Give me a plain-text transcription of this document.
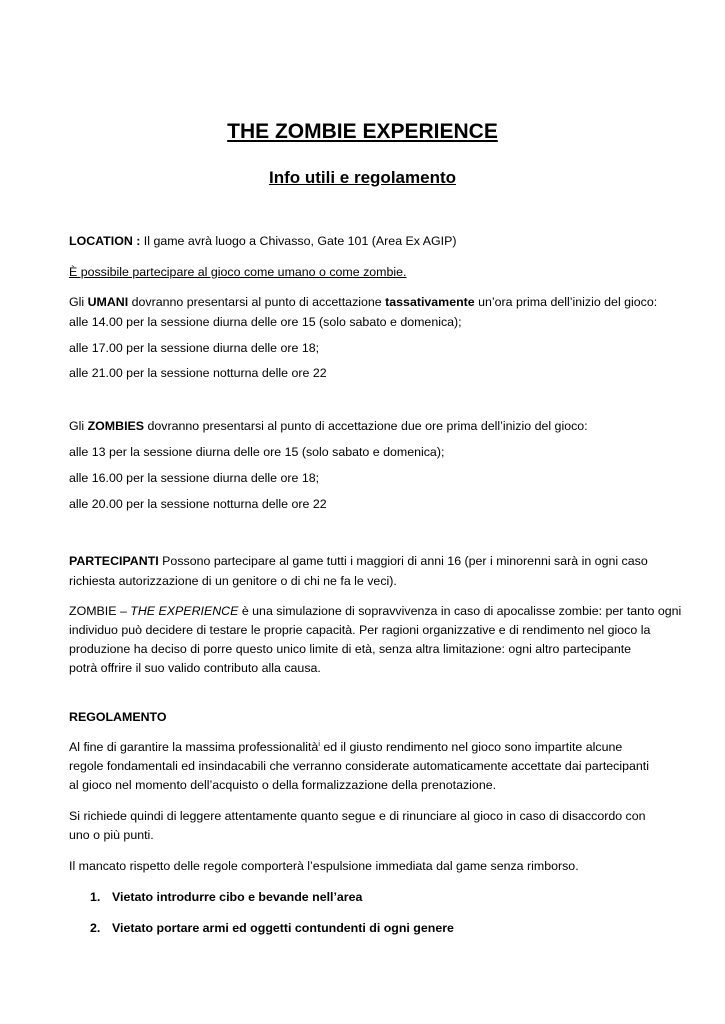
THE ZOMBIE EXPERIENCE
Info utili e regolamento

LOCATION : Il game avrà luogo a Chivasso, Gate 101 (Area Ex AGIP)

È possibile partecipare al gioco come umano o come zombie.

Gli UMANI dovranno presentarsi al punto di accettazione tassativamente un’ora prima dell’inizio del gioco:

alle 14.00 per la sessione diurna delle ore 15 (solo sabato e domenica);

alle 17.00 per la sessione diurna delle ore 18;

alle 21.00 per la sessione notturna delle ore 22

Gli ZOMBIES dovranno presentarsi al punto di accettazione due ore prima dell’inizio del gioco:

alle 13 per la sessione diurna delle ore 15 (solo sabato e domenica);

alle 16.00 per la sessione diurna delle ore 18;

alle 20.00 per la sessione notturna delle ore 22

PARTECIPANTI Possono partecipare al game tutti i maggiori di anni 16 (per i minorenni sarà in ogni caso

richiesta autorizzazione di un genitore o di chi ne fa le veci).

ZOMBIE – THE EXPERIENCE è una simulazione di sopravvivenza in caso di apocalisse zombie: per tanto ogni

individuo può decidere di testare le proprie capacità. Per ragioni organizzative e di rendimento nel gioco la

produzione ha deciso di porre questo unico limite di età, senza altra limitazione: ogni altro partecipante

potrà offrire il suo valido contributo alla causa.

REGOLAMENTO

Al fine di garantire la massima professionalità$^i$ ed il giusto rendimento nel gioco sono impartite alcune

regole fondamentali ed insindacabili che verranno considerate automaticamente accettate dai partecipanti

al gioco nel momento dell’acquisto o della formalizzazione della prenotazione.

Si richiede quindi di leggere attentamente quanto segue e di rinunciare al gioco in caso di disaccordo con

uno o più punti.

Il mancato rispetto delle regole comporterà l’espulsione immediata dal game senza rimborso.

1. Vietato introdurre cibo e bevande nell’area
2. Vietato portare armi ed oggetti contundenti di ogni genere
